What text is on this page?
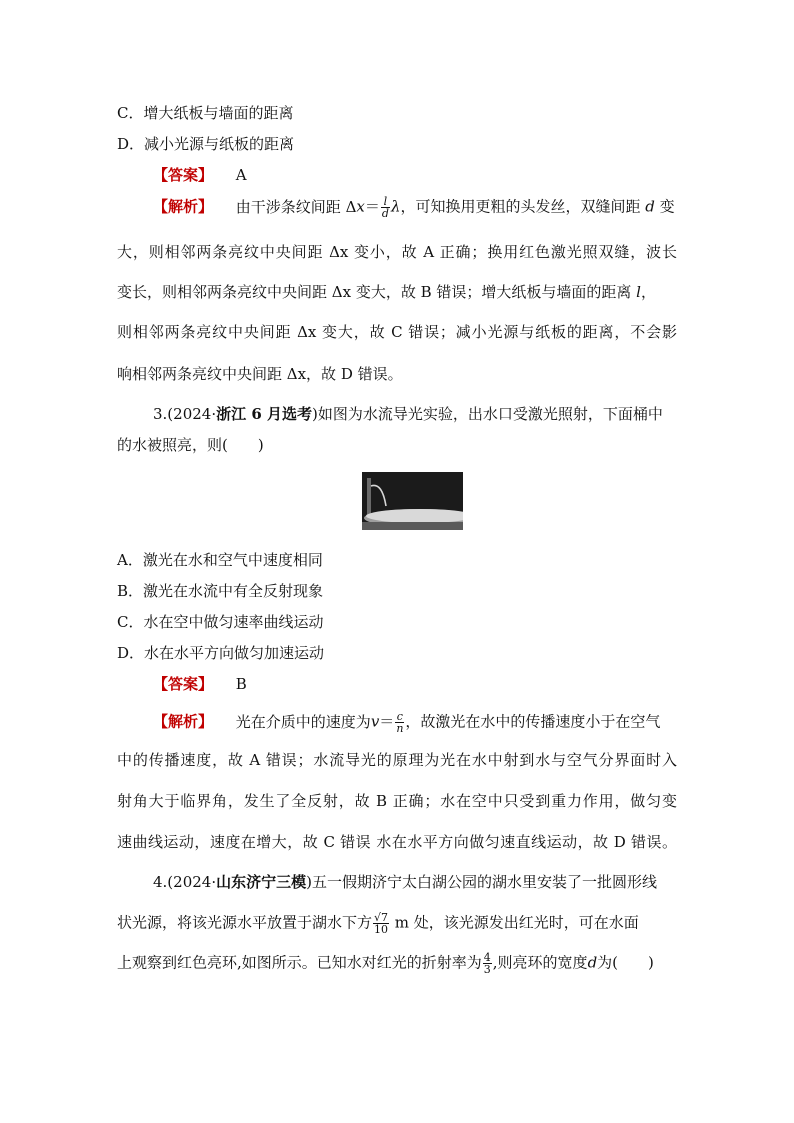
C．增大纸板与墙面的距离
D．减小光源与纸板的距离
【答案】 A
【解析】 由干涉条纹间距 $\Delta x= \frac{l}{d}$ λ，可知换用更粗的头发丝，双缝间距 d 变
大，则相邻两条亮纹中央间距 Δx 变小，故 A 正确；换用红色激光照双缝，波长
变长，则相邻两条亮纹中央间距 Δx 变大，故 B 错误；增大纸板与墙面的距离 l，
则相邻两条亮纹中央间距 Δx 变大，故 C 错误；减小光源与纸板的距离，不会影
响相邻两条亮纹中央间距 Δx，故 D 错误。
3.(2024·浙江 6 月选考)如图为水流导光实验，出水口受激光照射，下面桶中
的水被照亮，则(　　)
A．激光在水和空气中速度相同
B．激光在水流中有全反射现象
C．水在空中做匀速率曲线运动
D．水在水平方向做匀加速运动
【答案】 B
【解析】 光在介质中的速度为$v= \frac{c}{n}$ ，故激光在水中的传播速度小于在空气
中的传播速度，故 A 错误；水流导光的原理为光在水中射到水与空气分界面时入
射角大于临界角，发生了全反射，故 B 正确；水在空中只受到重力作用，做匀变
速曲线运动，速度在增大，故 C 错误 水在水平方向做匀速直线运动，故 D 错误。
4.(2024·山东济宁三模)五一假期济宁太白湖公园的湖水里安装了一批圆形线
状光源，将该光源水平放置于湖水下方 $\frac{√7}{10}$ m 处，该光源发出红光时，可在水面
上观察到红色亮环,如图所示。已知水对红光的折射率为 $\frac{4}{3}$ ,则亮环的宽度d为(　　)
